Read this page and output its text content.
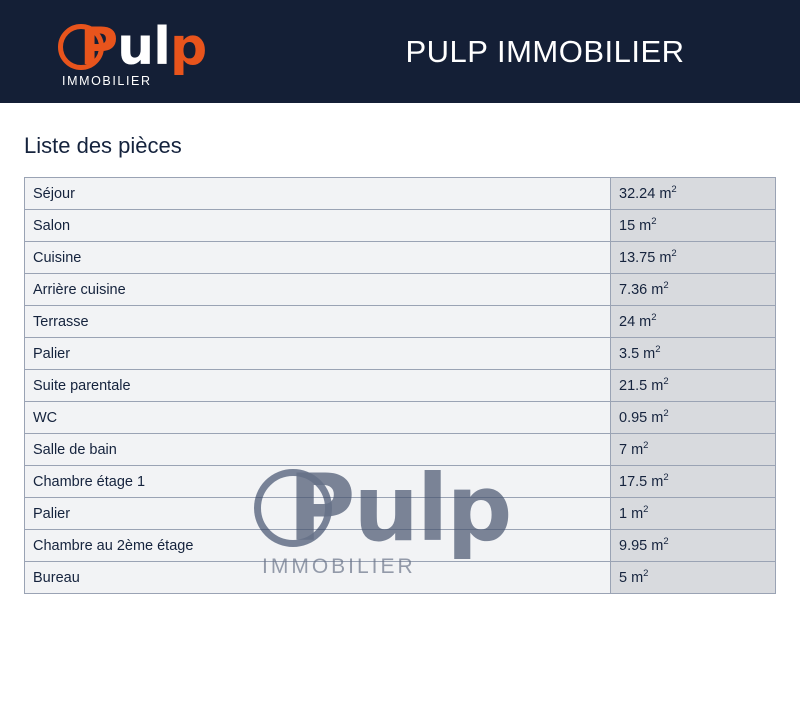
Pulp
IMMOBILIER
PULP IMMOBILIER
Liste des pièces
Séjour	32.24 $m^2$
Salon	15 $m^2$
Cuisine	13.75 $m^2$
Arrière cuisine	7.36 $m^2$
Terrasse	24 $m^2$
Palier	3.5 $m^2$
Suite parentale	21.5 $m^2$
WC	0.95 $m^2$
Salle de bain	7 $m^2$
Chambre étage 1	17.5 $m^2$
Palier	1 $m^2$
Chambre au 2ème étage	9.95 $m^2$
Bureau	5 $m^2$
Pulp
IMMOBILIER
